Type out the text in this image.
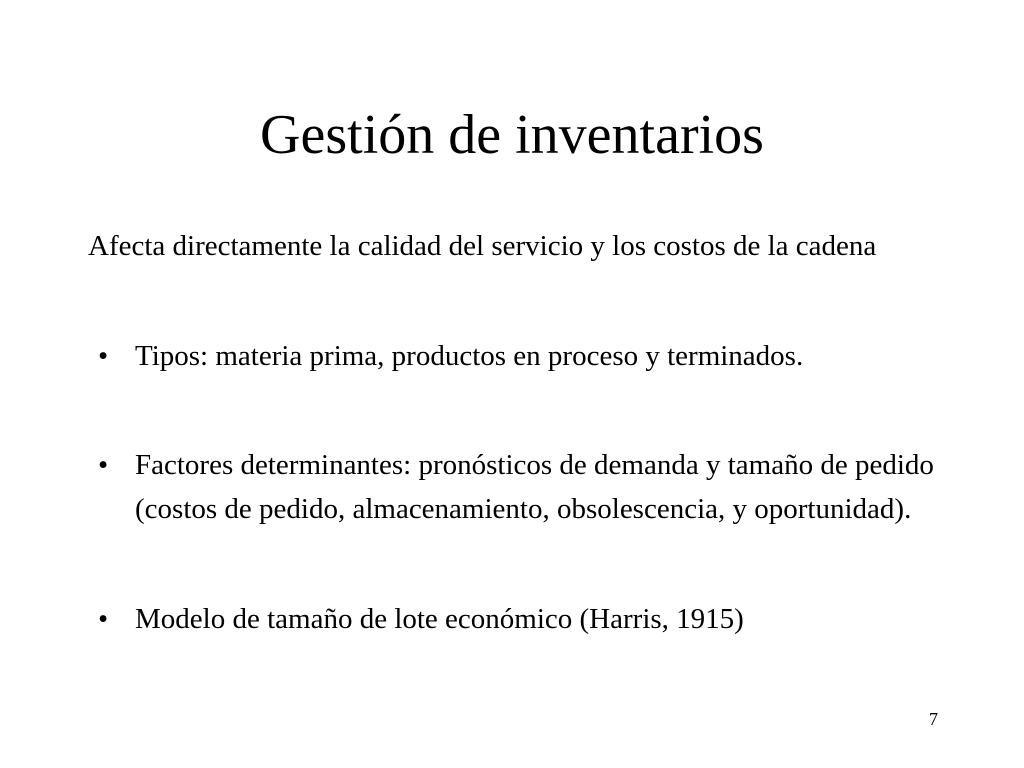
Gestión de inventarios

Afecta directamente la calidad del servicio y los costos de la cadena

• Tipos: materia prima, productos en proceso y terminados.
• Factores determinantes: pronósticos de demanda y tamaño de pedido (costos de pedido, almacenamiento, obsolescencia, y oportunidad).
• Modelo de tamaño de lote económico (Harris, 1915)
7
